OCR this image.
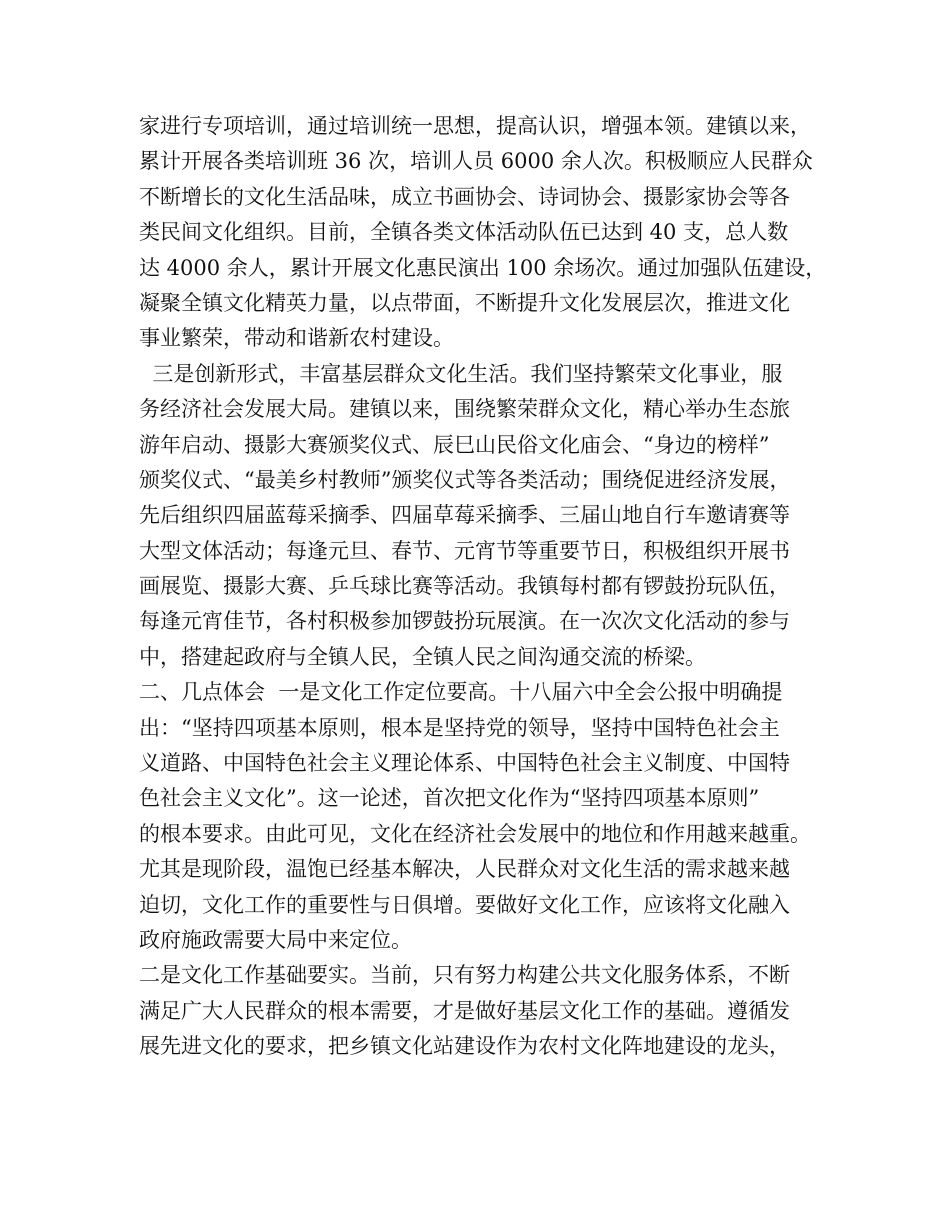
家进行专项培训，通过培训统一思想，提高认识，增强本领。建镇以来，
累计开展各类培训班 36 次，培训人员 6000 余人次。积极顺应人民群众
不断增长的文化生活品味，成立书画协会、诗词协会、摄影家协会等各
类民间文化组织。目前，全镇各类文体活动队伍已达到 40 支，总人数
达 4000 余人，累计开展文化惠民演出 100 余场次。通过加强队伍建设，
凝聚全镇文化精英力量，以点带面，不断提升文化发展层次，推进文化
事业繁荣，带动和谐新农村建设。
三是创新形式，丰富基层群众文化生活。我们坚持繁荣文化事业，服
务经济社会发展大局。建镇以来，围绕繁荣群众文化，精心举办生态旅
游年启动、摄影大赛颁奖仪式、辰巳山民俗文化庙会、“身边的榜样”
颁奖仪式、“最美乡村教师”颁奖仪式等各类活动；围绕促进经济发展，
先后组织四届蓝莓采摘季、四届草莓采摘季、三届山地自行车邀请赛等
大型文体活动；每逢元旦、春节、元宵节等重要节日，积极组织开展书
画展览、摄影大赛、乒乓球比赛等活动。我镇每村都有锣鼓扮玩队伍，
每逢元宵佳节，各村积极参加锣鼓扮玩展演。在一次次文化活动的参与
中，搭建起政府与全镇人民，全镇人民之间沟通交流的桥梁。
二、几点体会  一是文化工作定位要高。十八届六中全会公报中明确提
出：“坚持四项基本原则，根本是坚持党的领导，坚持中国特色社会主
义道路、中国特色社会主义理论体系、中国特色社会主义制度、中国特
色社会主义文化”。这一论述，首次把文化作为“坚持四项基本原则”
的根本要求。由此可见，文化在经济社会发展中的地位和作用越来越重。
尤其是现阶段，温饱已经基本解决，人民群众对文化生活的需求越来越
迫切，文化工作的重要性与日俱增。要做好文化工作，应该将文化融入
政府施政需要大局中来定位。
二是文化工作基础要实。当前，只有努力构建公共文化服务体系，不断
满足广大人民群众的根本需要，才是做好基层文化工作的基础。遵循发
展先进文化的要求，把乡镇文化站建设作为农村文化阵地建设的龙头，
